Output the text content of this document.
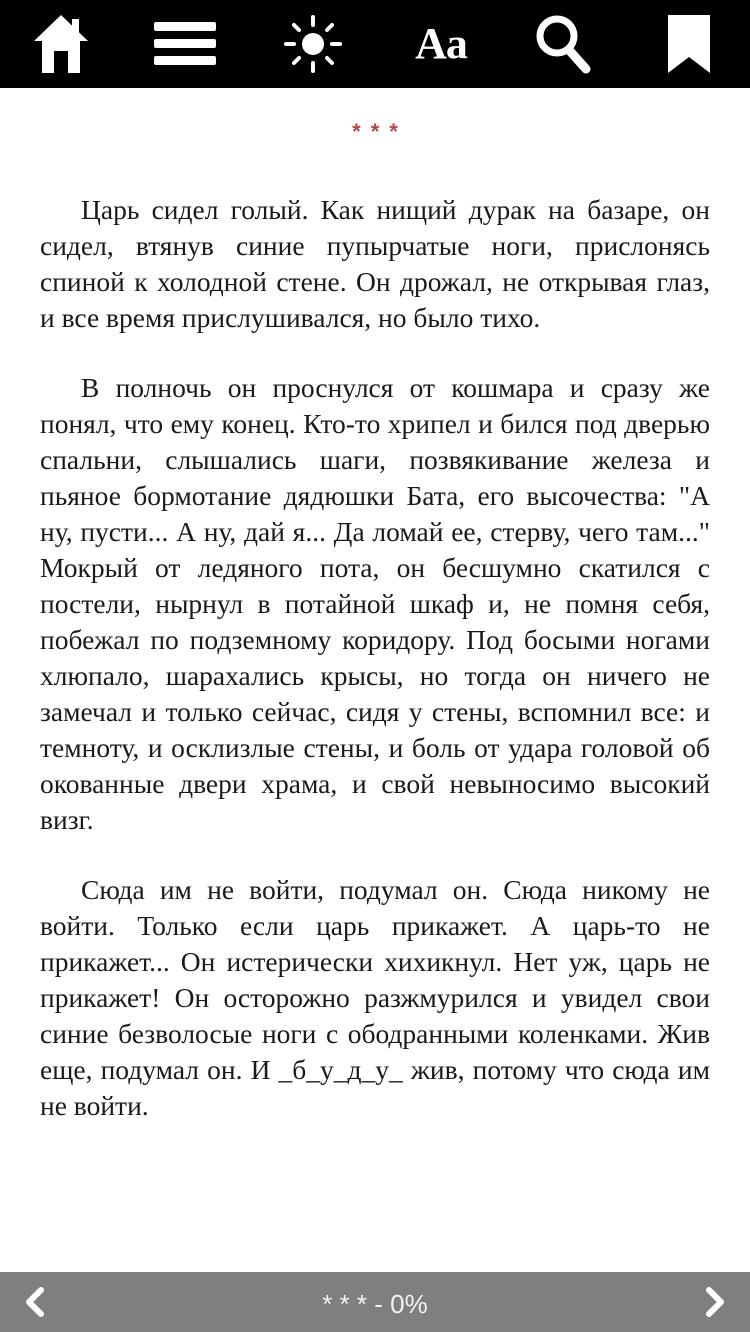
Aa
***

Царь сидел голый. Как нищий дурак на базаре, он сидел, втянув синие пупырчатые ноги, прислонясь спиной к холодной стене. Он дрожал, не открывая глаз, и все время прислушивался, но было тихо.

В полночь он проснулся от кошмара и сразу же понял, что ему конец. Кто-то хрипел и бился под дверью спальни, слышались шаги, позвякивание железа и пьяное бормотание дядюшки Бата, его высочества: "А ну, пусти... А ну, дай я... Да ломай ее, стерву, чего там..." Мокрый от ледяного пота, он бесшумно скатился с постели, нырнул в потайной шкаф и, не помня себя, побежал по подземному коридору. Под босыми ногами хлюпало, шарахались крысы, но тогда он ничего не замечал и только сейчас, сидя у стены, вспомнил все: и темноту, и осклизлые стены, и боль от удара головой об окованные двери храма, и свой невыносимо высокий визг.

Сюда им не войти, подумал он. Сюда никому не войти. Только если царь прикажет. А царь-то не прикажет... Он истерически хихикнул. Нет уж, царь не прикажет! Он осторожно разжмурился и увидел свои синие безволосые ноги с ободранными коленками. Жив еще, подумал он. И _б_у_д_у_ жив, потому что сюда им не войти.

* * * - 0%
